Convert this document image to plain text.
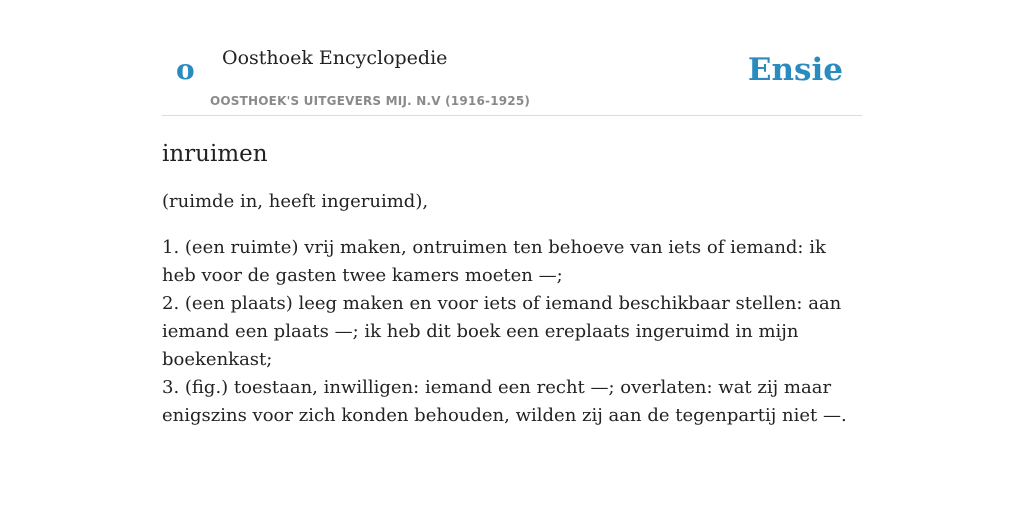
o Oosthoek Encyclopedie
OOSTHOEK'S UITGEVERS MIJ. N.V (1916-1925)
Ensie
inruimen

(ruimde in, heeft ingeruimd),

1. (een ruimte) vrij maken, ontruimen ten behoeve van iets of iemand: ik heb voor de gasten twee kamers moeten —;
2. (een plaats) leeg maken en voor iets of iemand beschikbaar stellen: aan iemand een plaats —; ik heb dit boek een ereplaats ingeruimd in mijn boekenkast;
3. (fig.) toestaan, inwilligen: iemand een recht —; overlaten: wat zij maar enigszins voor zich konden behouden, wilden zij aan de tegenpartij niet —.
